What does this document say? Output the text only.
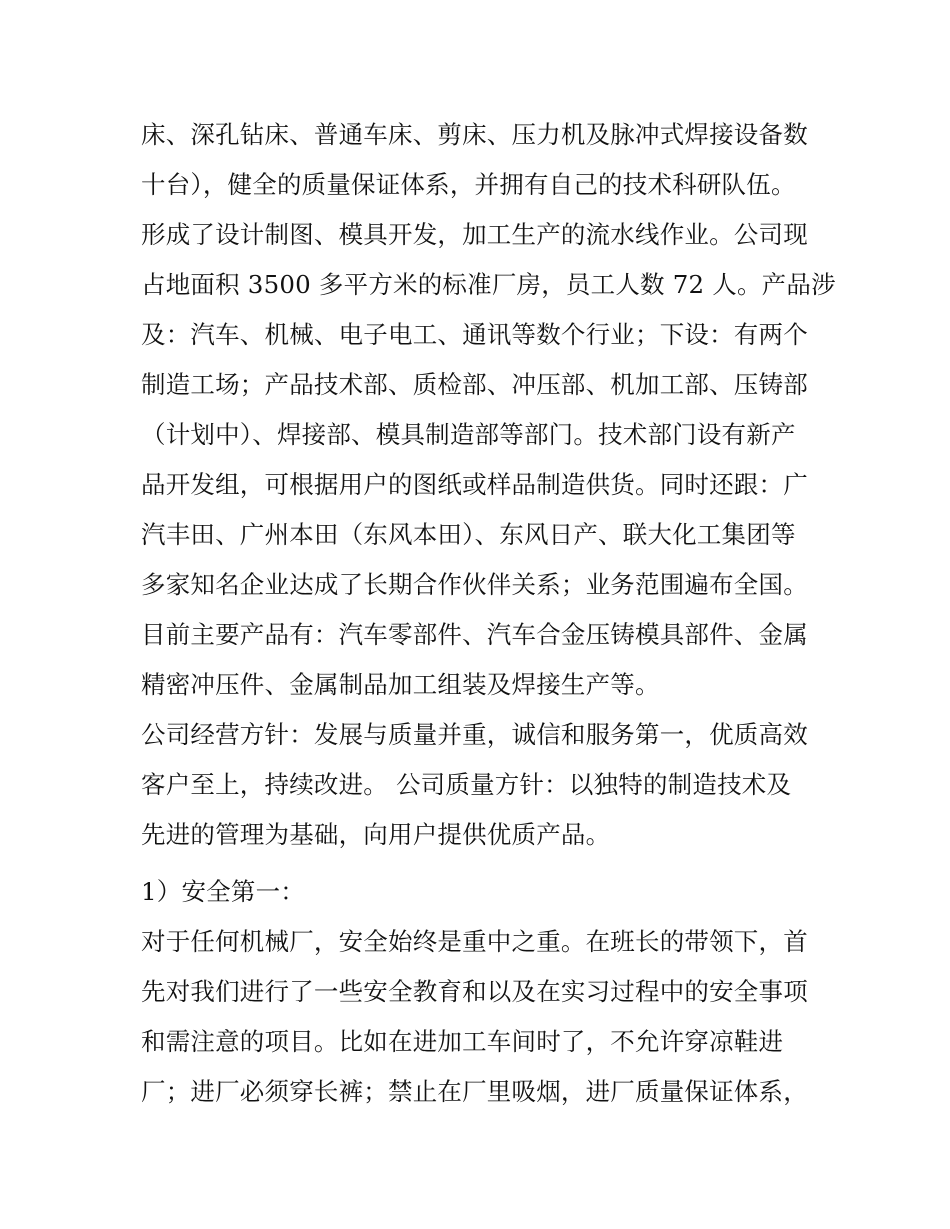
床、深孔钻床、普通车床、剪床、压力机及脉冲式焊接设备数
十台），健全的质量保证体系，并拥有自己的技术科研队伍。
形成了设计制图、模具开发，加工生产的流水线作业。公司现
占地面积 3500 多平方米的标准厂房，员工人数 72 人。产品涉
及：汽车、机械、电子电工、通讯等数个行业；下设：有两个
制造工场；产品技术部、质检部、冲压部、机加工部、压铸部
（计划中）、焊接部、模具制造部等部门。技术部门设有新产
品开发组，可根据用户的图纸或样品制造供货。同时还跟：广
汽丰田、广州本田（东风本田）、东风日产、联大化工集团等
多家知名企业达成了长期合作伙伴关系；业务范围遍布全国。
目前主要产品有：汽车零部件、汽车合金压铸模具部件、金属
精密冲压件、金属制品加工组装及焊接生产等。
公司经营方针：发展与质量并重，诚信和服务第一，优质高效
客户至上，持续改进。 公司质量方针：以独特的制造技术及
先进的管理为基础，向用户提供优质产品。
1）安全第一：
对于任何机械厂，安全始终是重中之重。在班长的带领下，首
先对我们进行了一些安全教育和以及在实习过程中的安全事项
和需注意的项目。比如在进加工车间时了，不允许穿凉鞋进
厂；进厂必须穿长裤；禁止在厂里吸烟，进厂质量保证体系，
